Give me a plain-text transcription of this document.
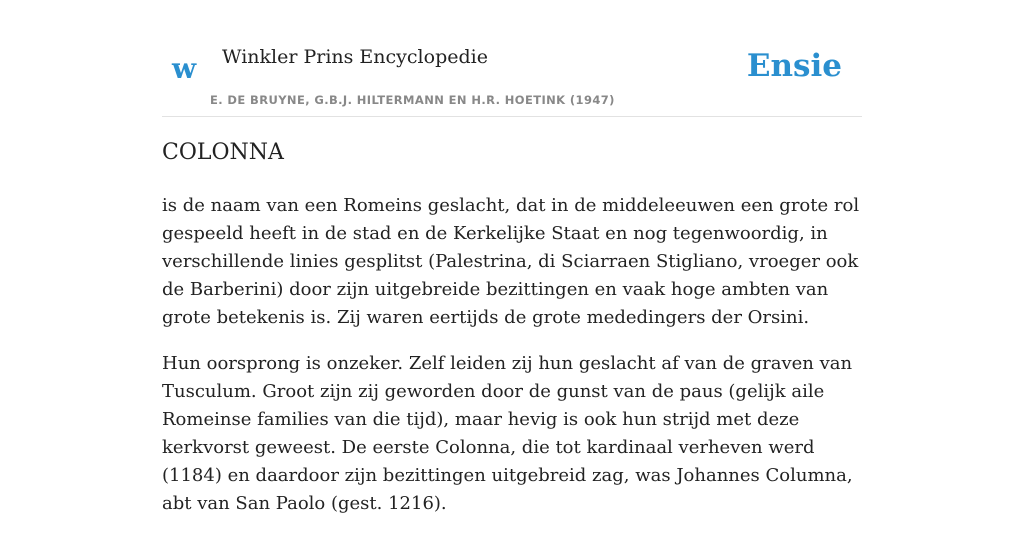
w Winkler Prins Encyclopedie
E. DE BRUYNE, G.B.J. HILTERMANN EN H.R. HOETINK (1947)
Ensie
COLONNA

is de naam van een Romeins geslacht, dat in de middeleeuwen een grote rol gespeeld heeft in de stad en de Kerkelijke Staat en nog tegenwoordig, in verschillende linies gesplitst (Palestrina, di Sciarraen Stigliano, vroeger ook de Barberini) door zijn uitgebreide bezittingen en vaak hoge ambten van grote betekenis is. Zij waren eertijds de grote mededingers der Orsini.

Hun oorsprong is onzeker. Zelf leiden zij hun geslacht af van de graven van Tusculum. Groot zijn zij geworden door de gunst van de paus (gelijk aile Romeinse families van die tijd), maar hevig is ook hun strijd met deze kerkvorst geweest. De eerste Colonna, die tot kardinaal verheven werd (1184) en daardoor zijn bezittingen uitgebreid zag, was Johannes Columna, abt van San Paolo (gest. 1216).
